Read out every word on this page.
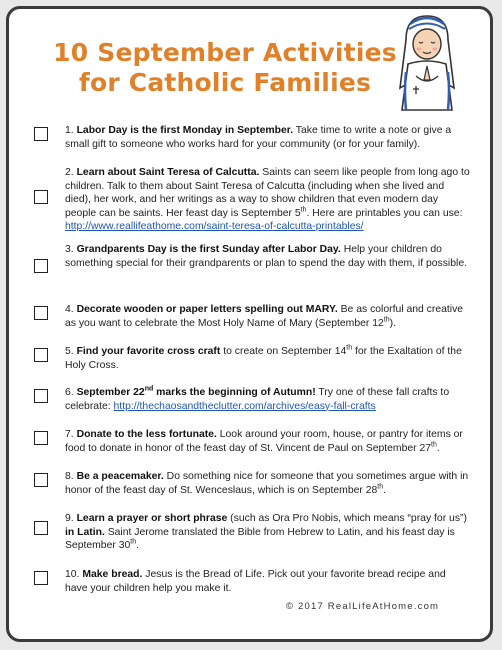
10 September Activities
for Catholic Families
1. Labor Day is the first Monday in September. Take time to write a note or give a small gift to someone who works hard for your community (or for your family).
2. Learn about Saint Teresa of Calcutta. Saints can seem like people from long ago to children. Talk to them about Saint Teresa of Calcutta (including when she lived and died), her work, and her writings as a way to show children that even modern day people can be saints. Her feast day is September 5th. Here are printables you can use: http://www.reallifeathome.com/saint-teresa-of-calcutta-printables/
3. Grandparents Day is the first Sunday after Labor Day. Help your children do something special for their grandparents or plan to spend the day with them, if possible.
4. Decorate wooden or paper letters spelling out MARY. Be as colorful and creative as you want to celebrate the Most Holy Name of Mary (September 12th).
5. Find your favorite cross craft to create on September 14th for the Exaltation of the Holy Cross.
6. September 22nd marks the beginning of Autumn! Try one of these fall crafts to celebrate: http://thechaosandtheclutter.com/archives/easy-fall-crafts
7. Donate to the less fortunate. Look around your room, house, or pantry for items or food to donate in honor of the feast day of St. Vincent de Paul on September 27th.
8. Be a peacemaker. Do something nice for someone that you sometimes argue with in honor of the feast day of St. Wenceslaus, which is on September 28th.
9. Learn a prayer or short phrase (such as Ora Pro Nobis, which means “pray for us”) in Latin. Saint Jerome translated the Bible from Hebrew to Latin, and his feast day is September 30th.
10. Make bread. Jesus is the Bread of Life. Pick out your favorite bread recipe and have your children help you make it.
© 2017 RealLifeAtHome.com
